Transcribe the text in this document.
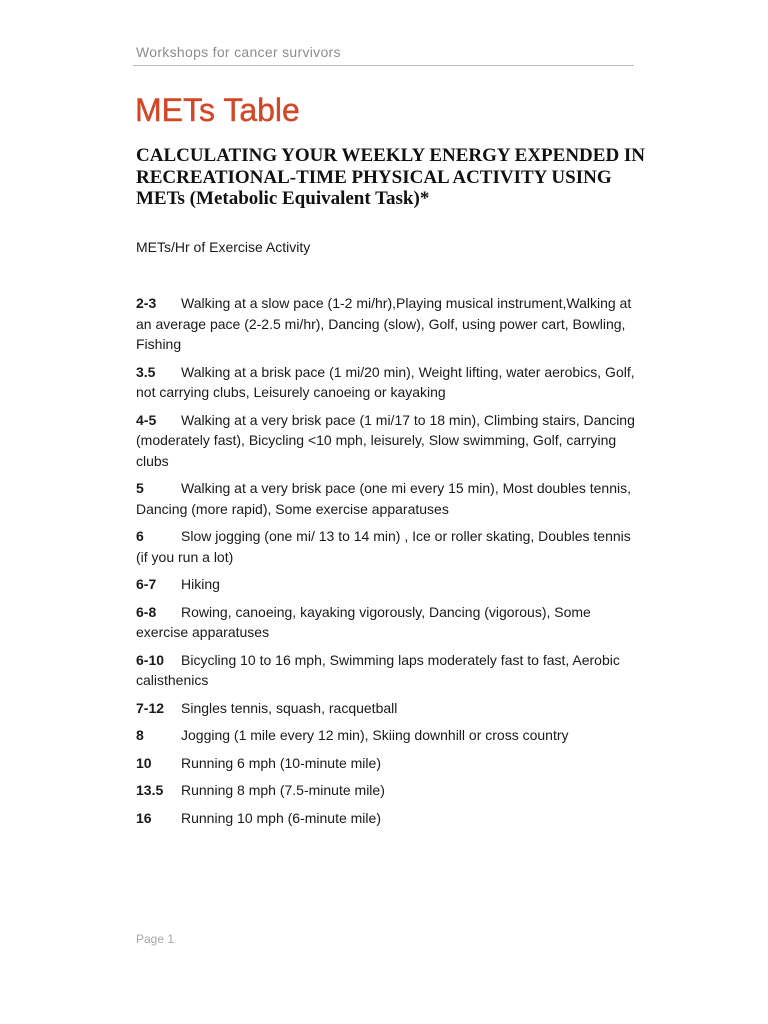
Workshops for cancer survivors
METs Table
CALCULATING YOUR WEEKLY ENERGY EXPENDED IN RECREATIONAL-TIME PHYSICAL ACTIVITY USING METs (Metabolic Equivalent Task)*
METs/Hr of Exercise Activity
2-3 Walking at a slow pace (1-2 mi/hr),Playing musical instrument,Walking at an average pace (2-2.5 mi/hr), Dancing (slow), Golf, using power cart, Bowling, Fishing
3.5 Walking at a brisk pace (1 mi/20 min), Weight lifting, water aerobics, Golf, not carrying clubs, Leisurely canoeing or kayaking
4-5 Walking at a very brisk pace (1 mi/17 to 18 min), Climbing stairs, Dancing (moderately fast), Bicycling <10 mph, leisurely, Slow swimming, Golf, carrying clubs
5	Walking at a very brisk pace (one mi every 15 min), Most doubles tennis, Dancing (more rapid), Some exercise apparatuses
6	Slow jogging (one mi/ 13 to 14 min) , Ice or roller skating, Doubles tennis (if you run a lot)
6-7 Hiking
6-8 Rowing, canoeing, kayaking vigorously, Dancing (vigorous), Some exercise apparatuses
6-10 Bicycling 10 to 16 mph, Swimming laps moderately fast to fast, Aerobic calisthenics
7-12 Singles tennis, squash, racquetball
8	Jogging (1 mile every 12 min), Skiing downhill or cross country
10 Running 6 mph (10-minute mile)
13.5 Running 8 mph (7.5-minute mile)
16 Running 10 mph (6-minute mile)
Page 1
